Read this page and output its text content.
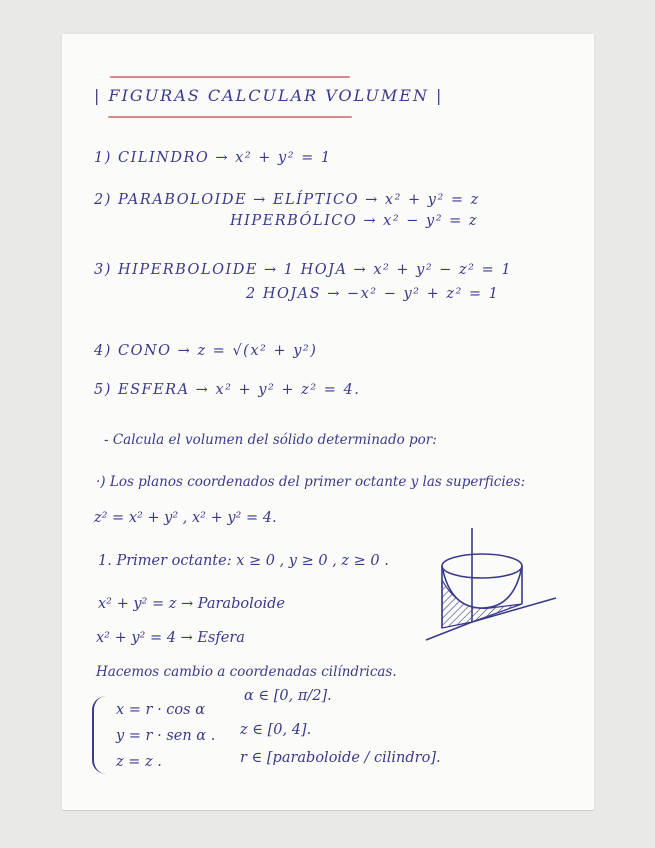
| FIGURAS CALCULAR VOLUMEN |
1) CILINDRO → x² + y² = 1
2) PARABOLOIDE → ELÍPTICO → x² + y² = z
HIPERBÓLICO → x² − y² = z
3) HIPERBOLOIDE → 1 HOJA → x² + y² − z² = 1
2 HOJAS → −x² − y² + z² = 1
4) CONO → z = √(x² + y²)
5) ESFERA → x² + y² + z² = 4.
- Calcula el volumen del sólido determinado por:
·) Los planos coordenados del primer octante y las superficies:
z² = x² + y² , x² + y² = 4.
1. Primer octante: x ≥ 0 , y ≥ 0 , z ≥ 0 .
x² + y² = z → Paraboloide
x² + y² = 4 → Esfera
Hacemos cambio a coordenadas cilíndricas.
x = r · cos α
y = r · sen α .
z = z .
α ∈ [0, π/2].
z ∈ [0, 4].
r ∈ [paraboloide / cilindro].
